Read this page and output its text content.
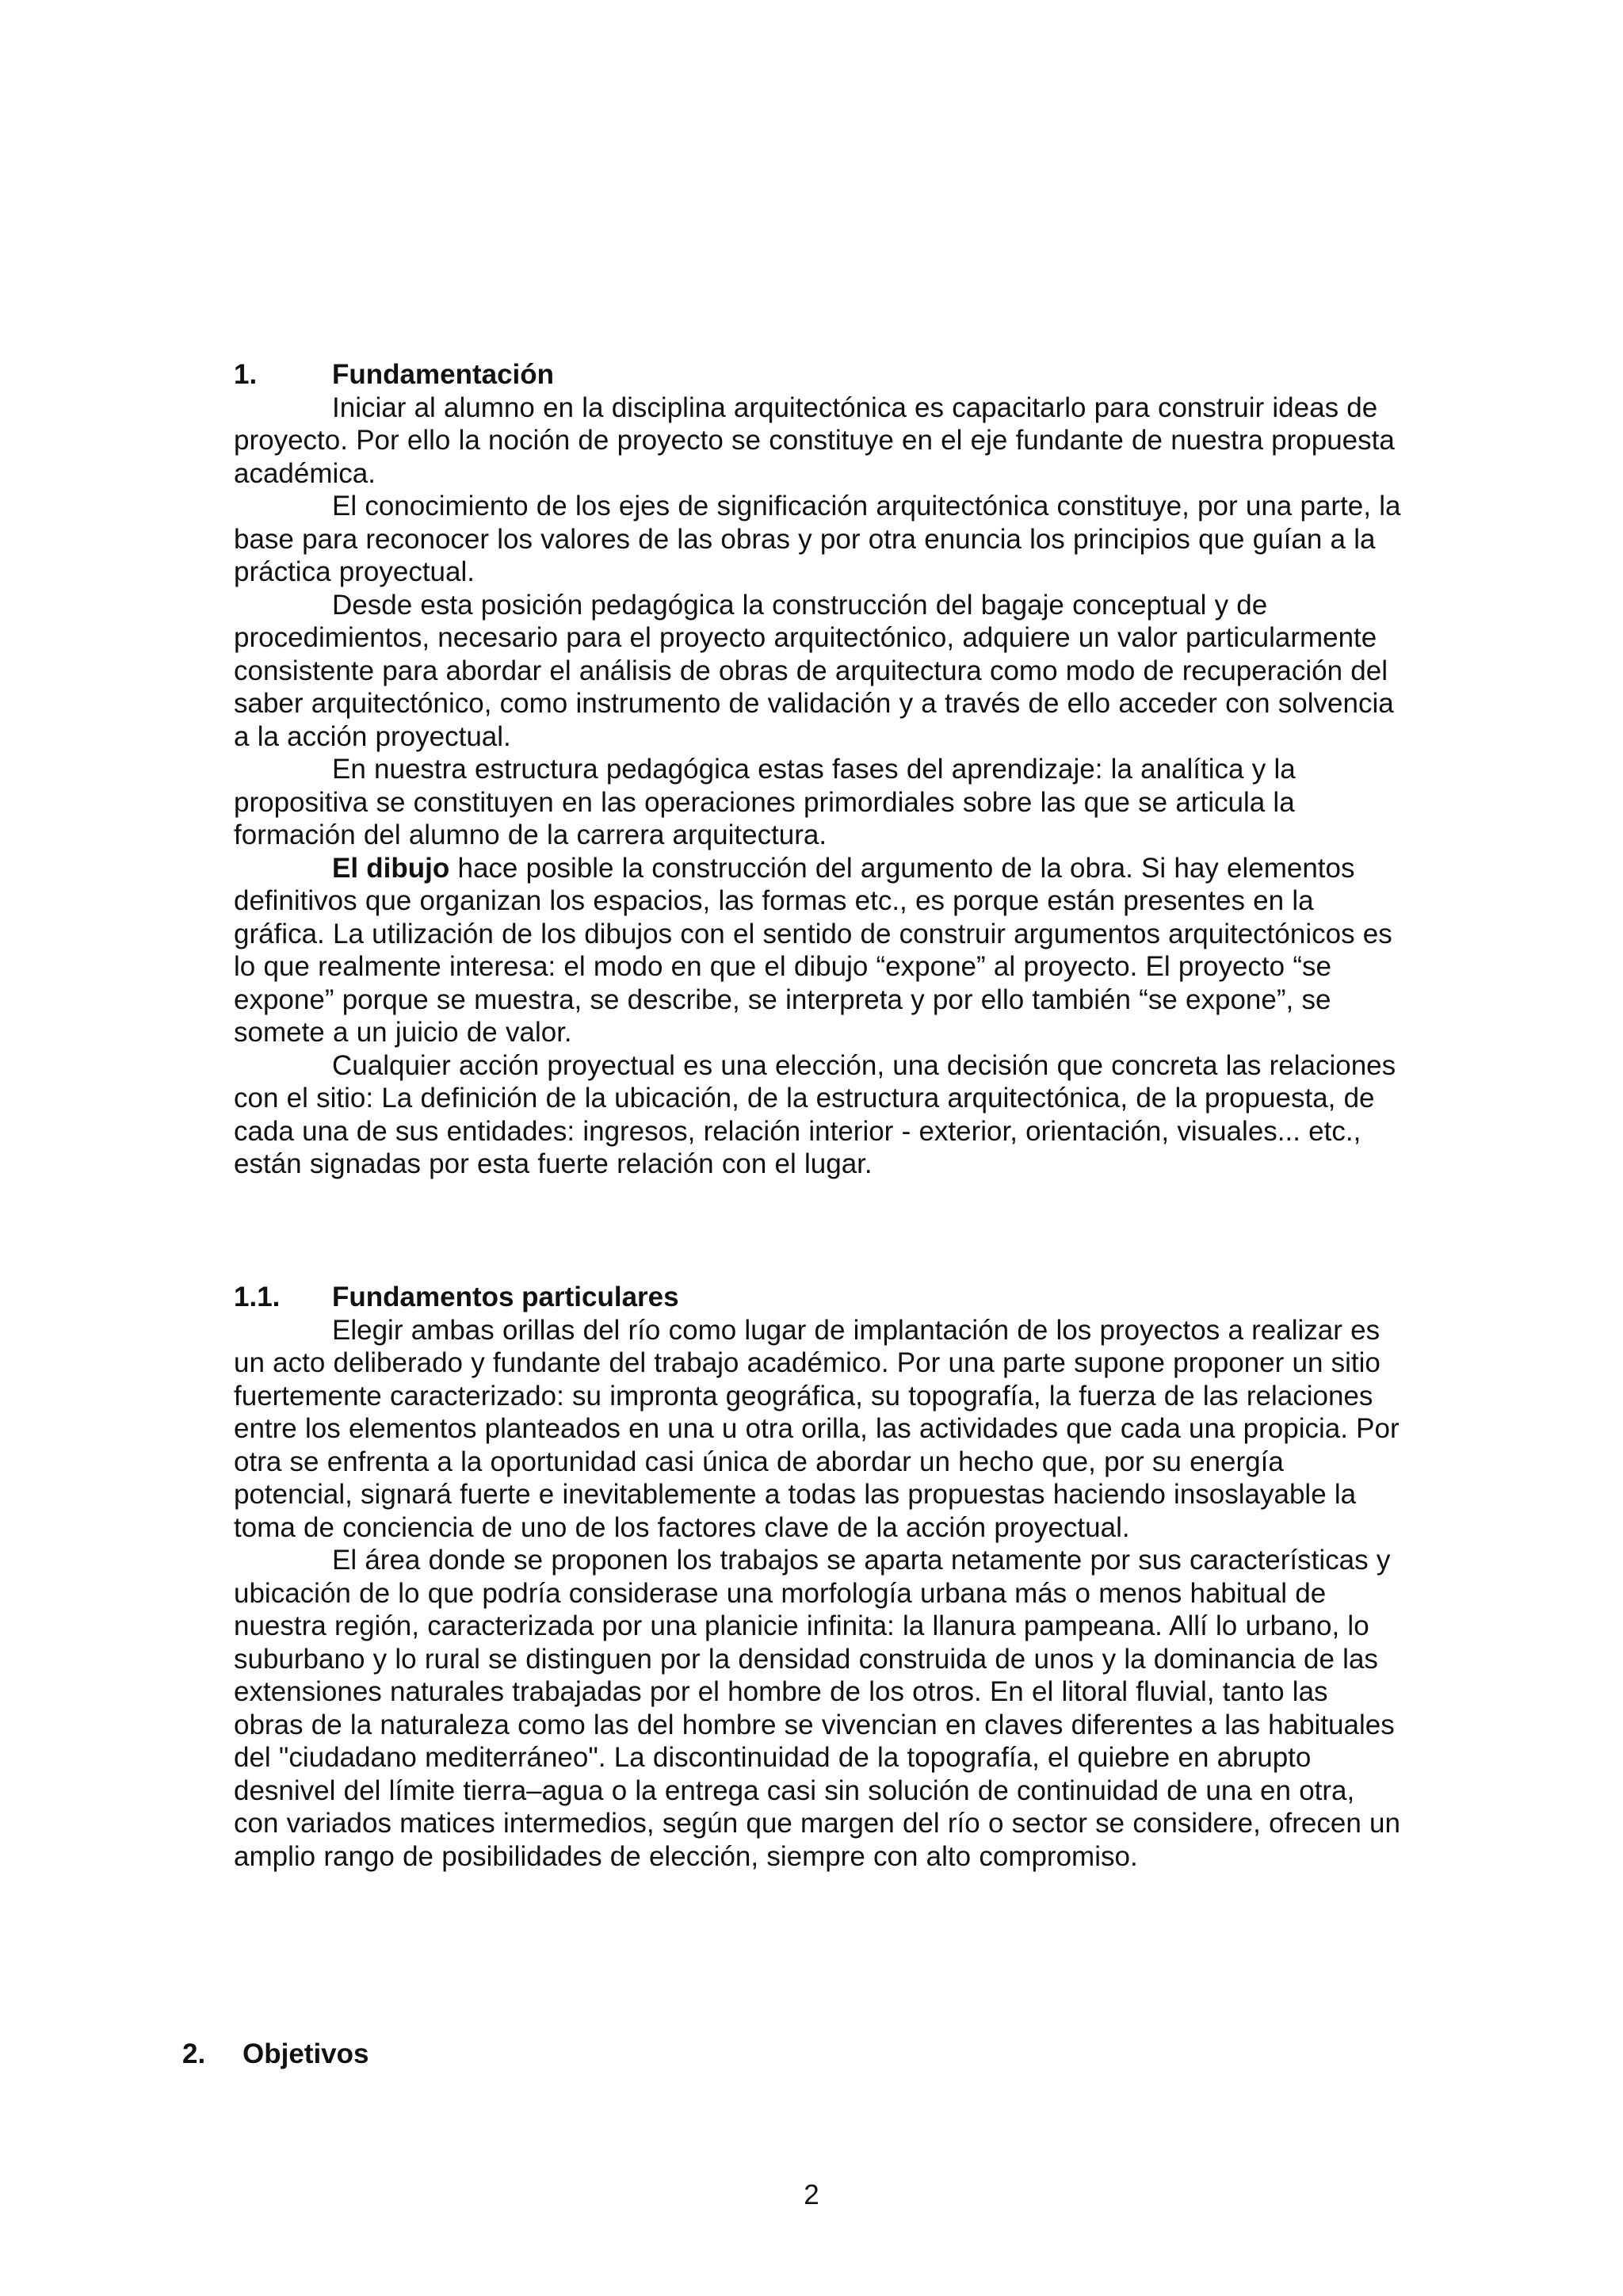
1.	Fundamentación

Iniciar al alumno en la disciplina arquitectónica es capacitarlo para construir ideas de proyecto. Por ello la noción de proyecto se constituye en el eje fundante de nuestra propuesta académica.

El conocimiento de los ejes de significación arquitectónica constituye, por una parte, la base para reconocer los valores de las obras y por otra enuncia los principios que guían a la práctica proyectual.

Desde esta posición pedagógica la construcción del bagaje conceptual y de procedimientos, necesario para el proyecto arquitectónico, adquiere un valor particularmente consistente para abordar el análisis de obras de arquitectura como modo de recuperación del saber arquitectónico, como instrumento de validación y a través de ello acceder con solvencia a la acción proyectual.

En nuestra estructura pedagógica estas fases del aprendizaje: la analítica y la propositiva se constituyen en las operaciones primordiales sobre las que se articula la formación del alumno de la carrera arquitectura.

El dibujo hace posible la construcción del argumento de la obra. Si hay elementos definitivos que organizan los espacios, las formas etc., es porque están presentes en la gráfica. La utilización de los dibujos con el sentido de construir argumentos arquitectónicos es lo que realmente interesa: el modo en que el dibujo “expone” al proyecto. El proyecto “se expone” porque se muestra, se describe, se interpreta y por ello también “se expone”, se somete a un juicio de valor.

Cualquier acción proyectual es una elección, una decisión que concreta las relaciones con el sitio: La definición de la ubicación, de la estructura arquitectónica, de la propuesta, de cada una de sus entidades: ingresos, relación interior - exterior, orientación, visuales... etc., están signadas por esta fuerte relación con el lugar.

1.1.	Fundamentos particulares

Elegir ambas orillas del río como lugar de implantación de los proyectos a realizar es un acto deliberado y fundante del trabajo académico. Por una parte supone proponer un sitio fuertemente caracterizado: su impronta geográfica, su topografía, la fuerza de las relaciones entre los elementos planteados en una u otra orilla, las actividades que cada una propicia. Por otra se enfrenta a la oportunidad casi única de abordar un hecho que, por su energía potencial, signará fuerte e inevitablemente a todas las propuestas haciendo insoslayable la toma de conciencia de uno de los factores clave de la acción proyectual.

El área donde se proponen los trabajos se aparta netamente por sus características y ubicación de lo que podría considerase una morfología urbana más o menos habitual de nuestra región, caracterizada por una planicie infinita: la llanura pampeana. Allí lo urbano, lo suburbano y lo rural se distinguen por la densidad construida de unos y la dominancia de las extensiones naturales trabajadas por el hombre de los otros. En el litoral fluvial, tanto las obras de la naturaleza como las del hombre se vivencian en claves diferentes a las habituales del "ciudadano mediterráneo". La discontinuidad de la topografía, el quiebre en abrupto desnivel del límite tierra–agua o la entrega casi sin solución de continuidad de una en otra, con variados matices intermedios, según que margen del río o sector se considere, ofrecen un amplio rango de posibilidades de elección, siempre con alto compromiso.

2.	Objetivos
2
